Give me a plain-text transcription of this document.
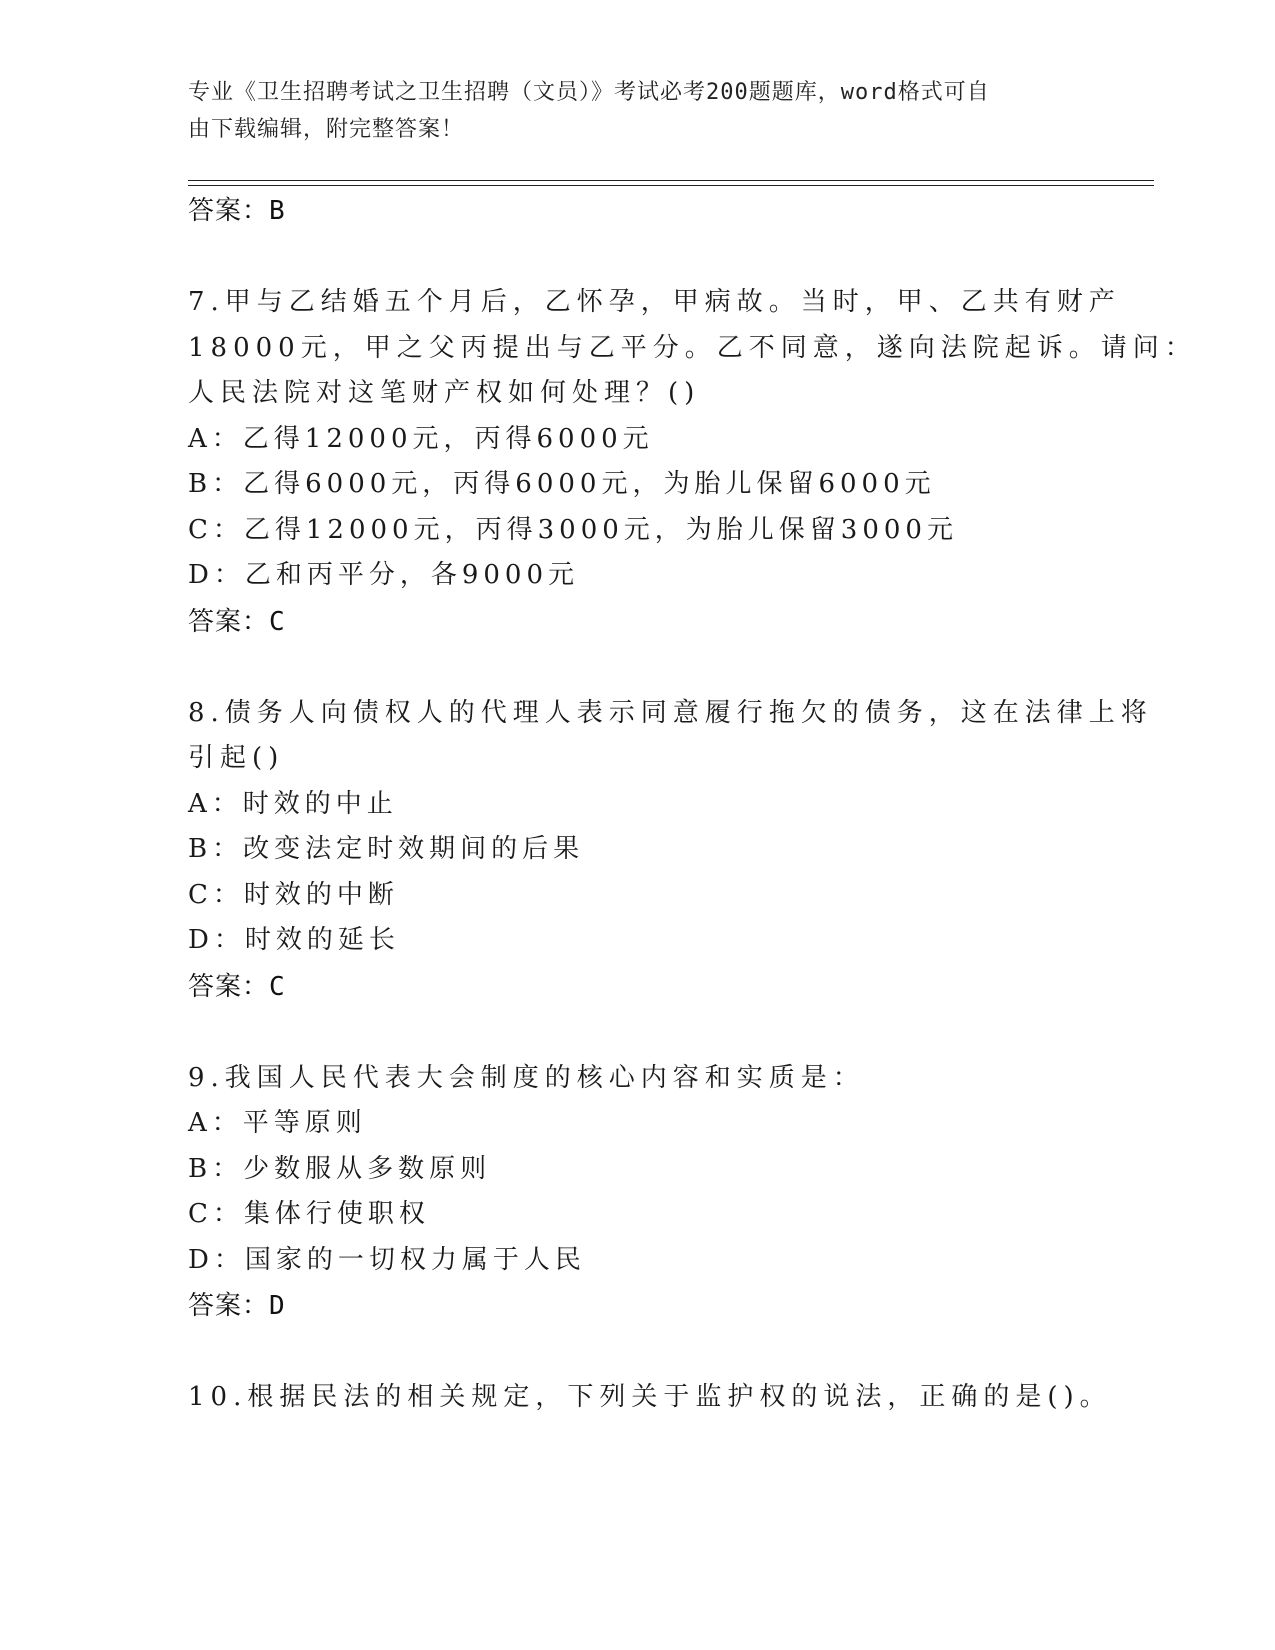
专业《卫生招聘考试之卫生招聘（文员）》考试必考200题题库，word格式可自
由下载编辑，附完整答案！
答案：B
7.甲与乙结婚五个月后，乙怀孕，甲病故。当时，甲、乙共有财产
18000元，甲之父丙提出与乙平分。乙不同意，遂向法院起诉。请问：
人民法院对这笔财产权如何处理？()
A：乙得12000元，丙得6000元
B：乙得6000元，丙得6000元，为胎儿保留6000元
C：乙得12000元，丙得3000元，为胎儿保留3000元
D：乙和丙平分，各9000元
答案：C
8.债务人向债权人的代理人表示同意履行拖欠的债务，这在法律上将
引起()
A：时效的中止
B：改变法定时效期间的后果
C：时效的中断
D：时效的延长
答案：C
9.我国人民代表大会制度的核心内容和实质是：
A：平等原则
B：少数服从多数原则
C：集体行使职权
D：国家的一切权力属于人民
答案：D
10.根据民法的相关规定，下列关于监护权的说法，正确的是()。
